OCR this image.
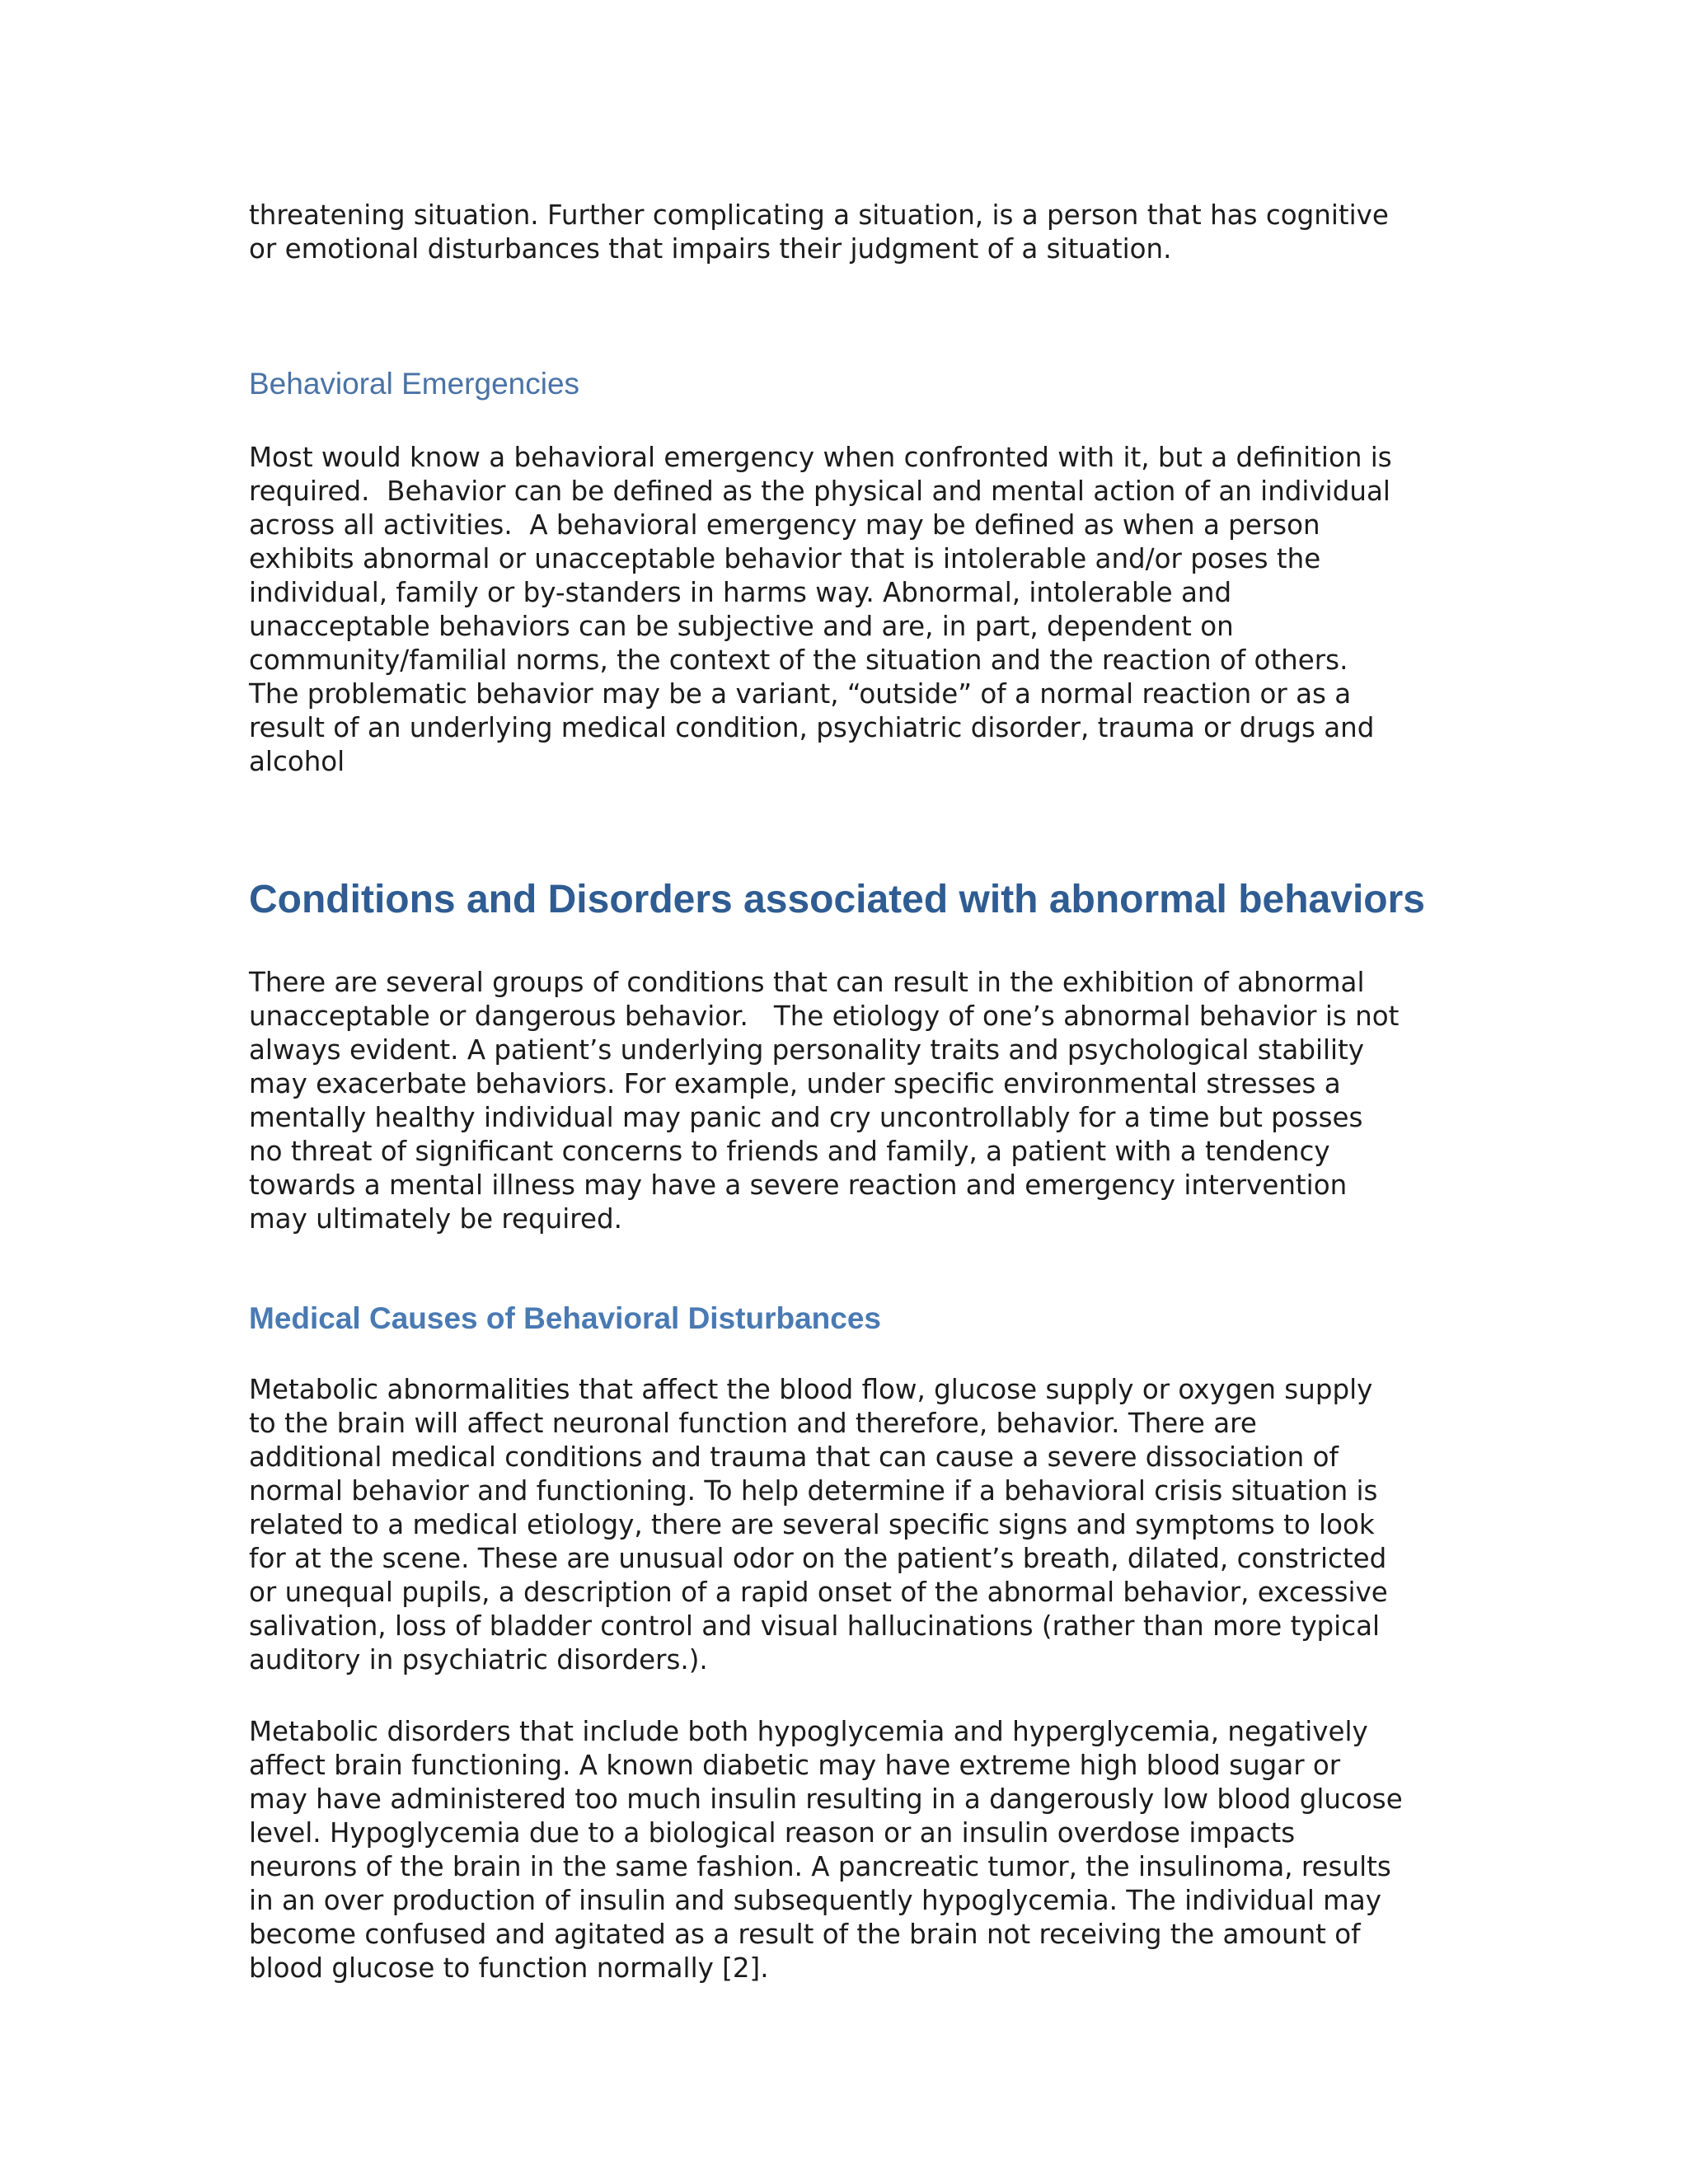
threatening situation. Further complicating a situation, is a person that has cognitive
or emotional disturbances that impairs their judgment of a situation.

Behavioral Emergencies

Most would know a behavioral emergency when confronted with it, but a definition is
required.  Behavior can be defined as the physical and mental action of an individual
across all activities.  A behavioral emergency may be defined as when a person
exhibits abnormal or unacceptable behavior that is intolerable and/or poses the
individual, family or by-standers in harms way. Abnormal, intolerable and
unacceptable behaviors can be subjective and are, in part, dependent on
community/familial norms, the context of the situation and the reaction of others.
The problematic behavior may be a variant, “outside” of a normal reaction or as a
result of an underlying medical condition, psychiatric disorder, trauma or drugs and
alcohol

Conditions and Disorders associated with abnormal behaviors

There are several groups of conditions that can result in the exhibition of abnormal
unacceptable or dangerous behavior.   The etiology of one’s abnormal behavior is not
always evident. A patient’s underlying personality traits and psychological stability
may exacerbate behaviors. For example, under specific environmental stresses a
mentally healthy individual may panic and cry uncontrollably for a time but posses
no threat of significant concerns to friends and family, a patient with a tendency
towards a mental illness may have a severe reaction and emergency intervention
may ultimately be required.

Medical Causes of Behavioral Disturbances

Metabolic abnormalities that affect the blood flow, glucose supply or oxygen supply
to the brain will affect neuronal function and therefore, behavior. There are
additional medical conditions and trauma that can cause a severe dissociation of
normal behavior and functioning. To help determine if a behavioral crisis situation is
related to a medical etiology, there are several specific signs and symptoms to look
for at the scene. These are unusual odor on the patient’s breath, dilated, constricted
or unequal pupils, a description of a rapid onset of the abnormal behavior, excessive
salivation, loss of bladder control and visual hallucinations (rather than more typical
auditory in psychiatric disorders.).

Metabolic disorders that include both hypoglycemia and hyperglycemia, negatively
affect brain functioning. A known diabetic may have extreme high blood sugar or
may have administered too much insulin resulting in a dangerously low blood glucose
level. Hypoglycemia due to a biological reason or an insulin overdose impacts
neurons of the brain in the same fashion. A pancreatic tumor, the insulinoma, results
in an over production of insulin and subsequently hypoglycemia. The individual may
become confused and agitated as a result of the brain not receiving the amount of
blood glucose to function normally [2].
